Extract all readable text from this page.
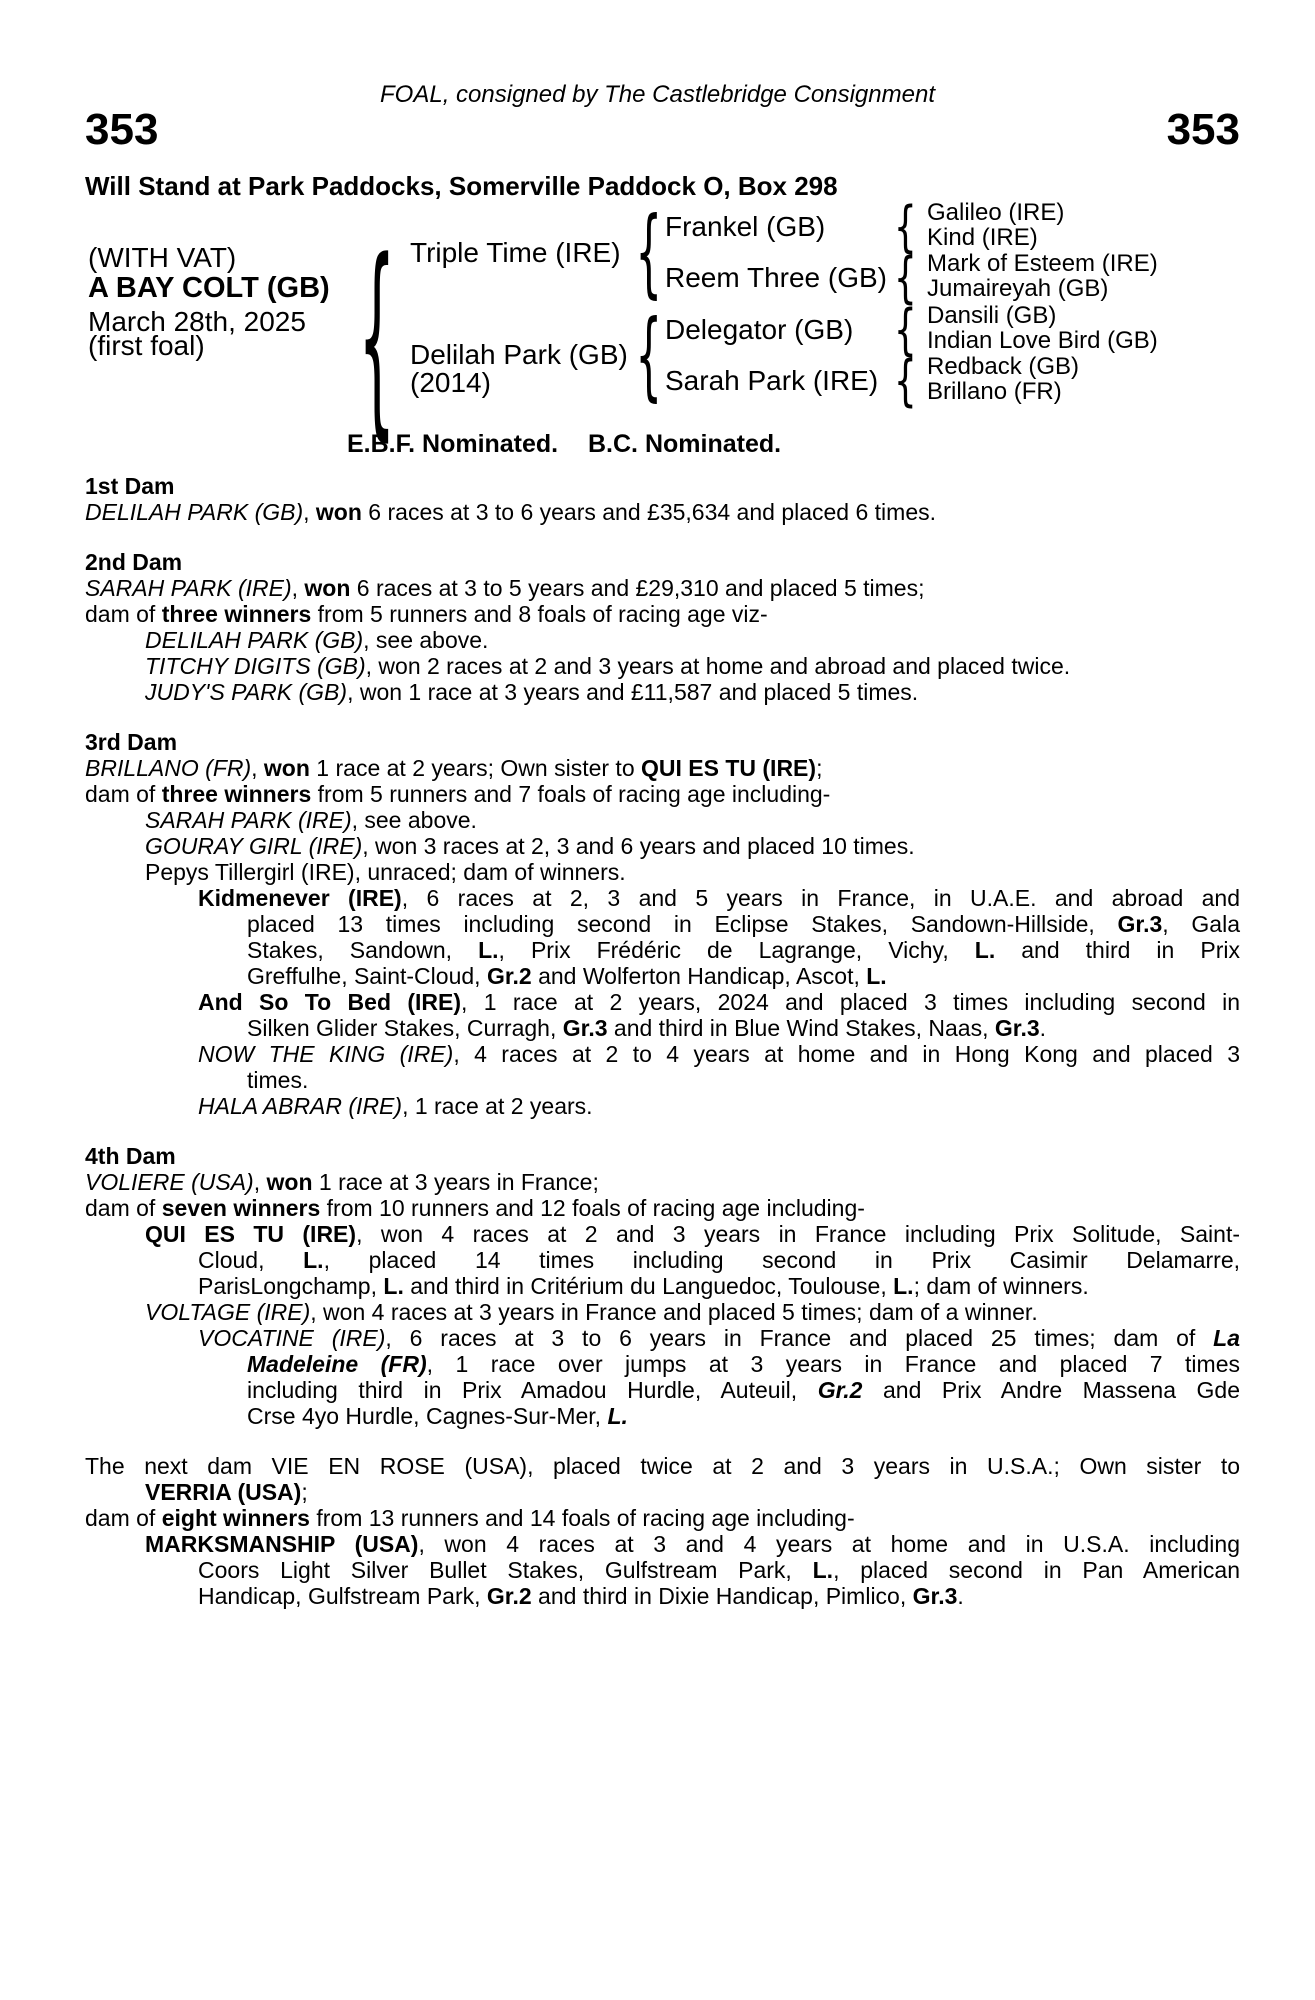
FOAL, consigned by The Castlebridge Consignment
353	353
Will Stand at Park Paddocks, Somerville Paddock O, Box 298
(WITH VAT)
A BAY COLT (GB)
March 28th, 2025
(first foal) { Triple Time (IRE)
Delilah Park (GB)
(2014)
{
{
Frankel (GB)
Reem Three (GB)
Delegator (GB)
Sarah Park (IRE)
{
{
{
{
Galileo (IRE)
Kind (IRE)
Mark of Esteem (IRE)
Jumaireyah (GB)
Dansili (GB)
Indian Love Bird (GB)
Redback (GB)
Brillano (FR)
E.B.F. Nominated. B.C. Nominated.
1st Dam
DELILAH PARK (GB), won 6 races at 3 to 6 years and £35,634 and placed 6 times.
2nd Dam
SARAH PARK (IRE), won 6 races at 3 to 5 years and £29,310 and placed 5 times;
dam of three winners from 5 runners and 8 foals of racing age viz-
DELILAH PARK (GB), see above.
TITCHY DIGITS (GB), won 2 races at 2 and 3 years at home and abroad and placed twice.
JUDY'S PARK (GB), won 1 race at 3 years and £11,587 and placed 5 times.
3rd Dam
BRILLANO (FR), won 1 race at 2 years; Own sister to QUI ES TU (IRE);
dam of three winners from 5 runners and 7 foals of racing age including-
SARAH PARK (IRE), see above.
GOURAY GIRL (IRE), won 3 races at 2, 3 and 6 years and placed 10 times.
Pepys Tillergirl (IRE), unraced; dam of winners.
Kidmenever (IRE), 6 races at 2, 3 and 5 years in France, in U.A.E. and abroad and
placed 13 times including second in Eclipse Stakes, Sandown-Hillside, Gr.3, Gala
Stakes, Sandown, L., Prix Frédéric de Lagrange, Vichy, L. and third in Prix
Greffulhe, Saint-Cloud, Gr.2 and Wolferton Handicap, Ascot, L.
And So To Bed (IRE), 1 race at 2 years, 2024 and placed 3 times including second in
Silken Glider Stakes, Curragh, Gr.3 and third in Blue Wind Stakes, Naas, Gr.3.
NOW THE KING (IRE), 4 races at 2 to 4 years at home and in Hong Kong and placed 3
times.
HALA ABRAR (IRE), 1 race at 2 years.
4th Dam
VOLIERE (USA), won 1 race at 3 years in France;
dam of seven winners from 10 runners and 12 foals of racing age including-
QUI ES TU (IRE), won 4 races at 2 and 3 years in France including Prix Solitude, Saint-
Cloud, L., placed 14 times including second in Prix Casimir Delamarre,
ParisLongchamp, L. and third in Critérium du Languedoc, Toulouse, L.; dam of winners.
VOLTAGE (IRE), won 4 races at 3 years in France and placed 5 times; dam of a winner.
VOCATINE (IRE), 6 races at 3 to 6 years in France and placed 25 times; dam of La
Madeleine (FR), 1 race over jumps at 3 years in France and placed 7 times
including third in Prix Amadou Hurdle, Auteuil, Gr.2 and Prix Andre Massena Gde
Crse 4yo Hurdle, Cagnes-Sur-Mer, L.
The next dam VIE EN ROSE (USA), placed twice at 2 and 3 years in U.S.A.; Own sister to
VERRIA (USA);
dam of eight winners from 13 runners and 14 foals of racing age including-
MARKSMANSHIP (USA), won 4 races at 3 and 4 years at home and in U.S.A. including
Coors Light Silver Bullet Stakes, Gulfstream Park, L., placed second in Pan American
Handicap, Gulfstream Park, Gr.2 and third in Dixie Handicap, Pimlico, Gr.3.
